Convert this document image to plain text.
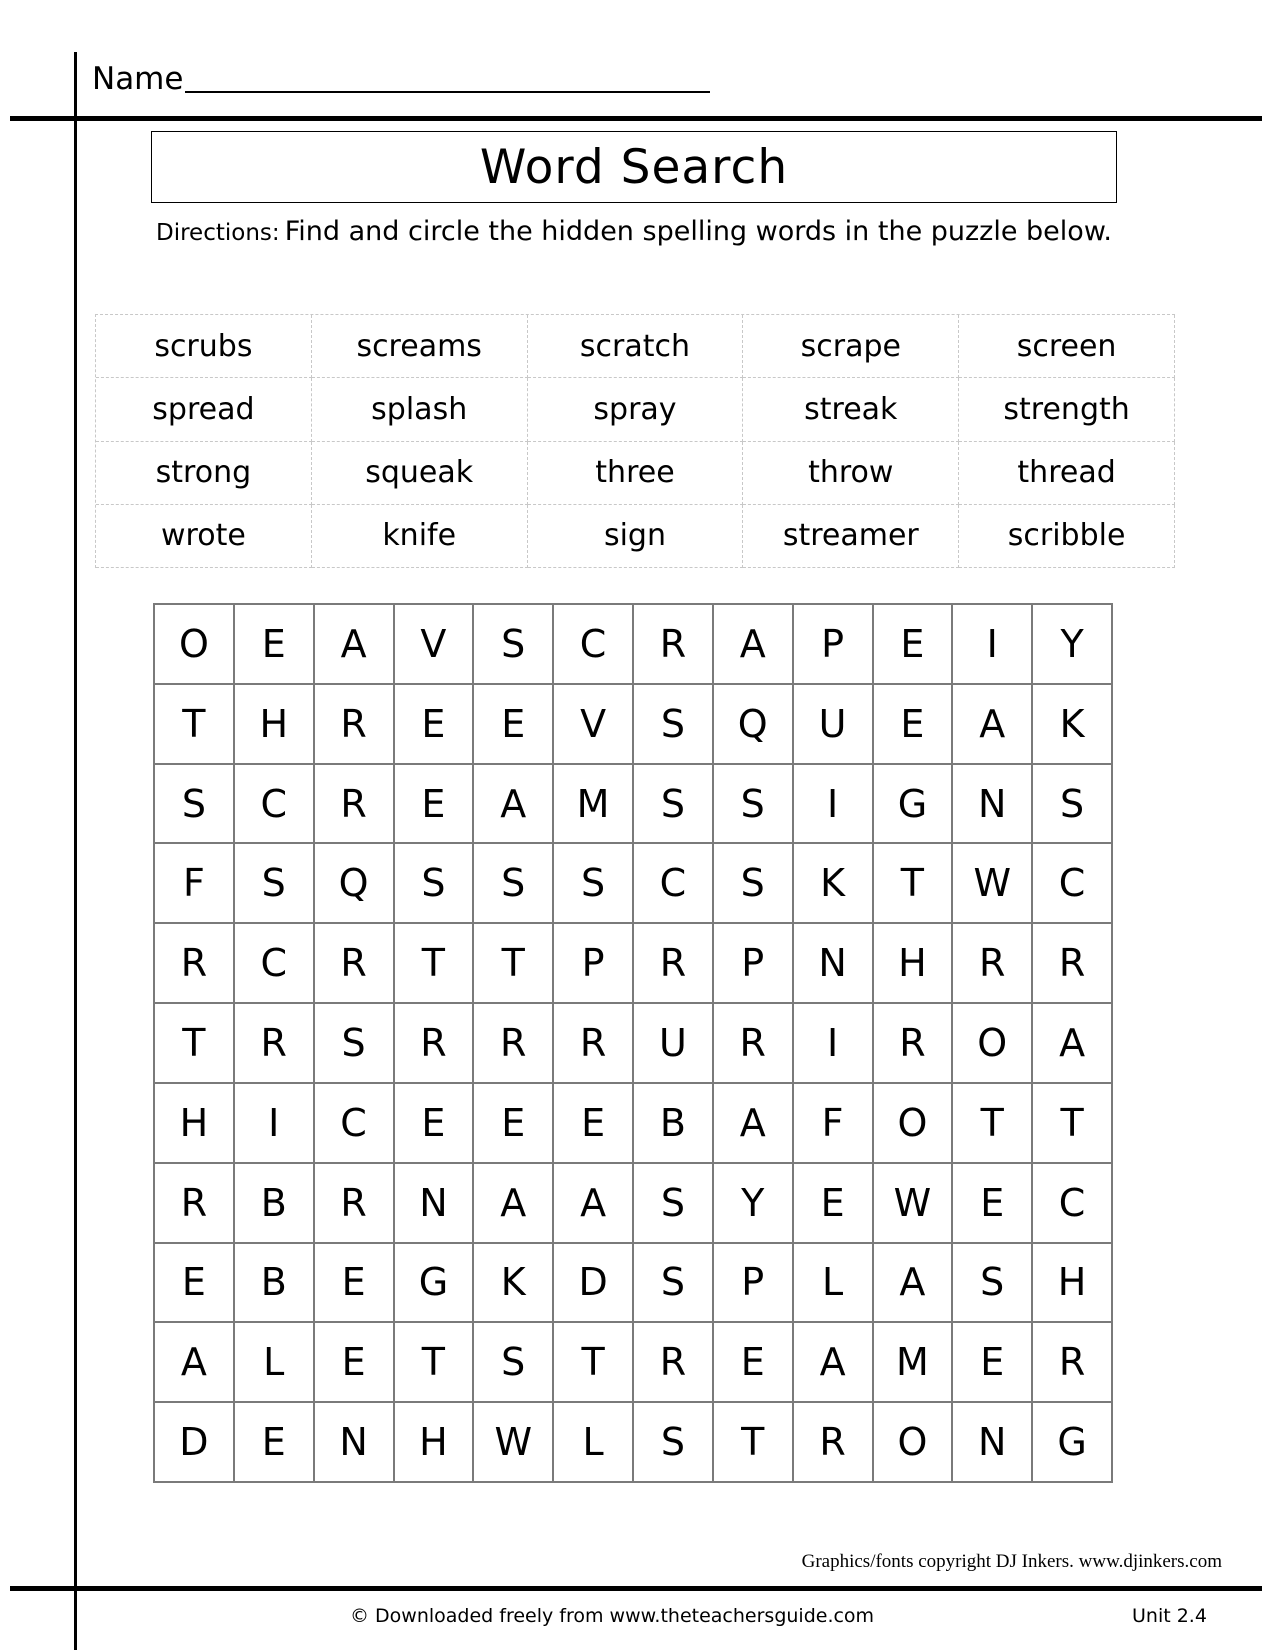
Name
Word Search
Directions: Find and circle the hidden spelling words in the puzzle below.
scrubs	screams	scratch	scrape	screen
spread	splash	spray	streak	strength
strong	squeak	three	throw	thread
wrote	knife	sign	streamer	scribble
O	E	A	V	S	C	R	A	P	E	I	Y
T	H	R	E	E	V	S	Q	U	E	A	K
S	C	R	E	A	M	S	S	I	G	N	S
F	S	Q	S	S	S	C	S	K	T	W	C
R	C	R	T	T	P	R	P	N	H	R	R
T	R	S	R	R	R	U	R	I	R	O	A
H	I	C	E	E	E	B	A	F	O	T	T
R	B	R	N	A	A	S	Y	E	W	E	C
E	B	E	G	K	D	S	P	L	A	S	H
A	L	E	T	S	T	R	E	A	M	E	R
D	E	N	H	W	L	S	T	R	O	N	G
Graphics/fonts copyright DJ Inkers. www.djinkers.com
© Downloaded freely from www.theteachersguide.com	Unit 2.4
